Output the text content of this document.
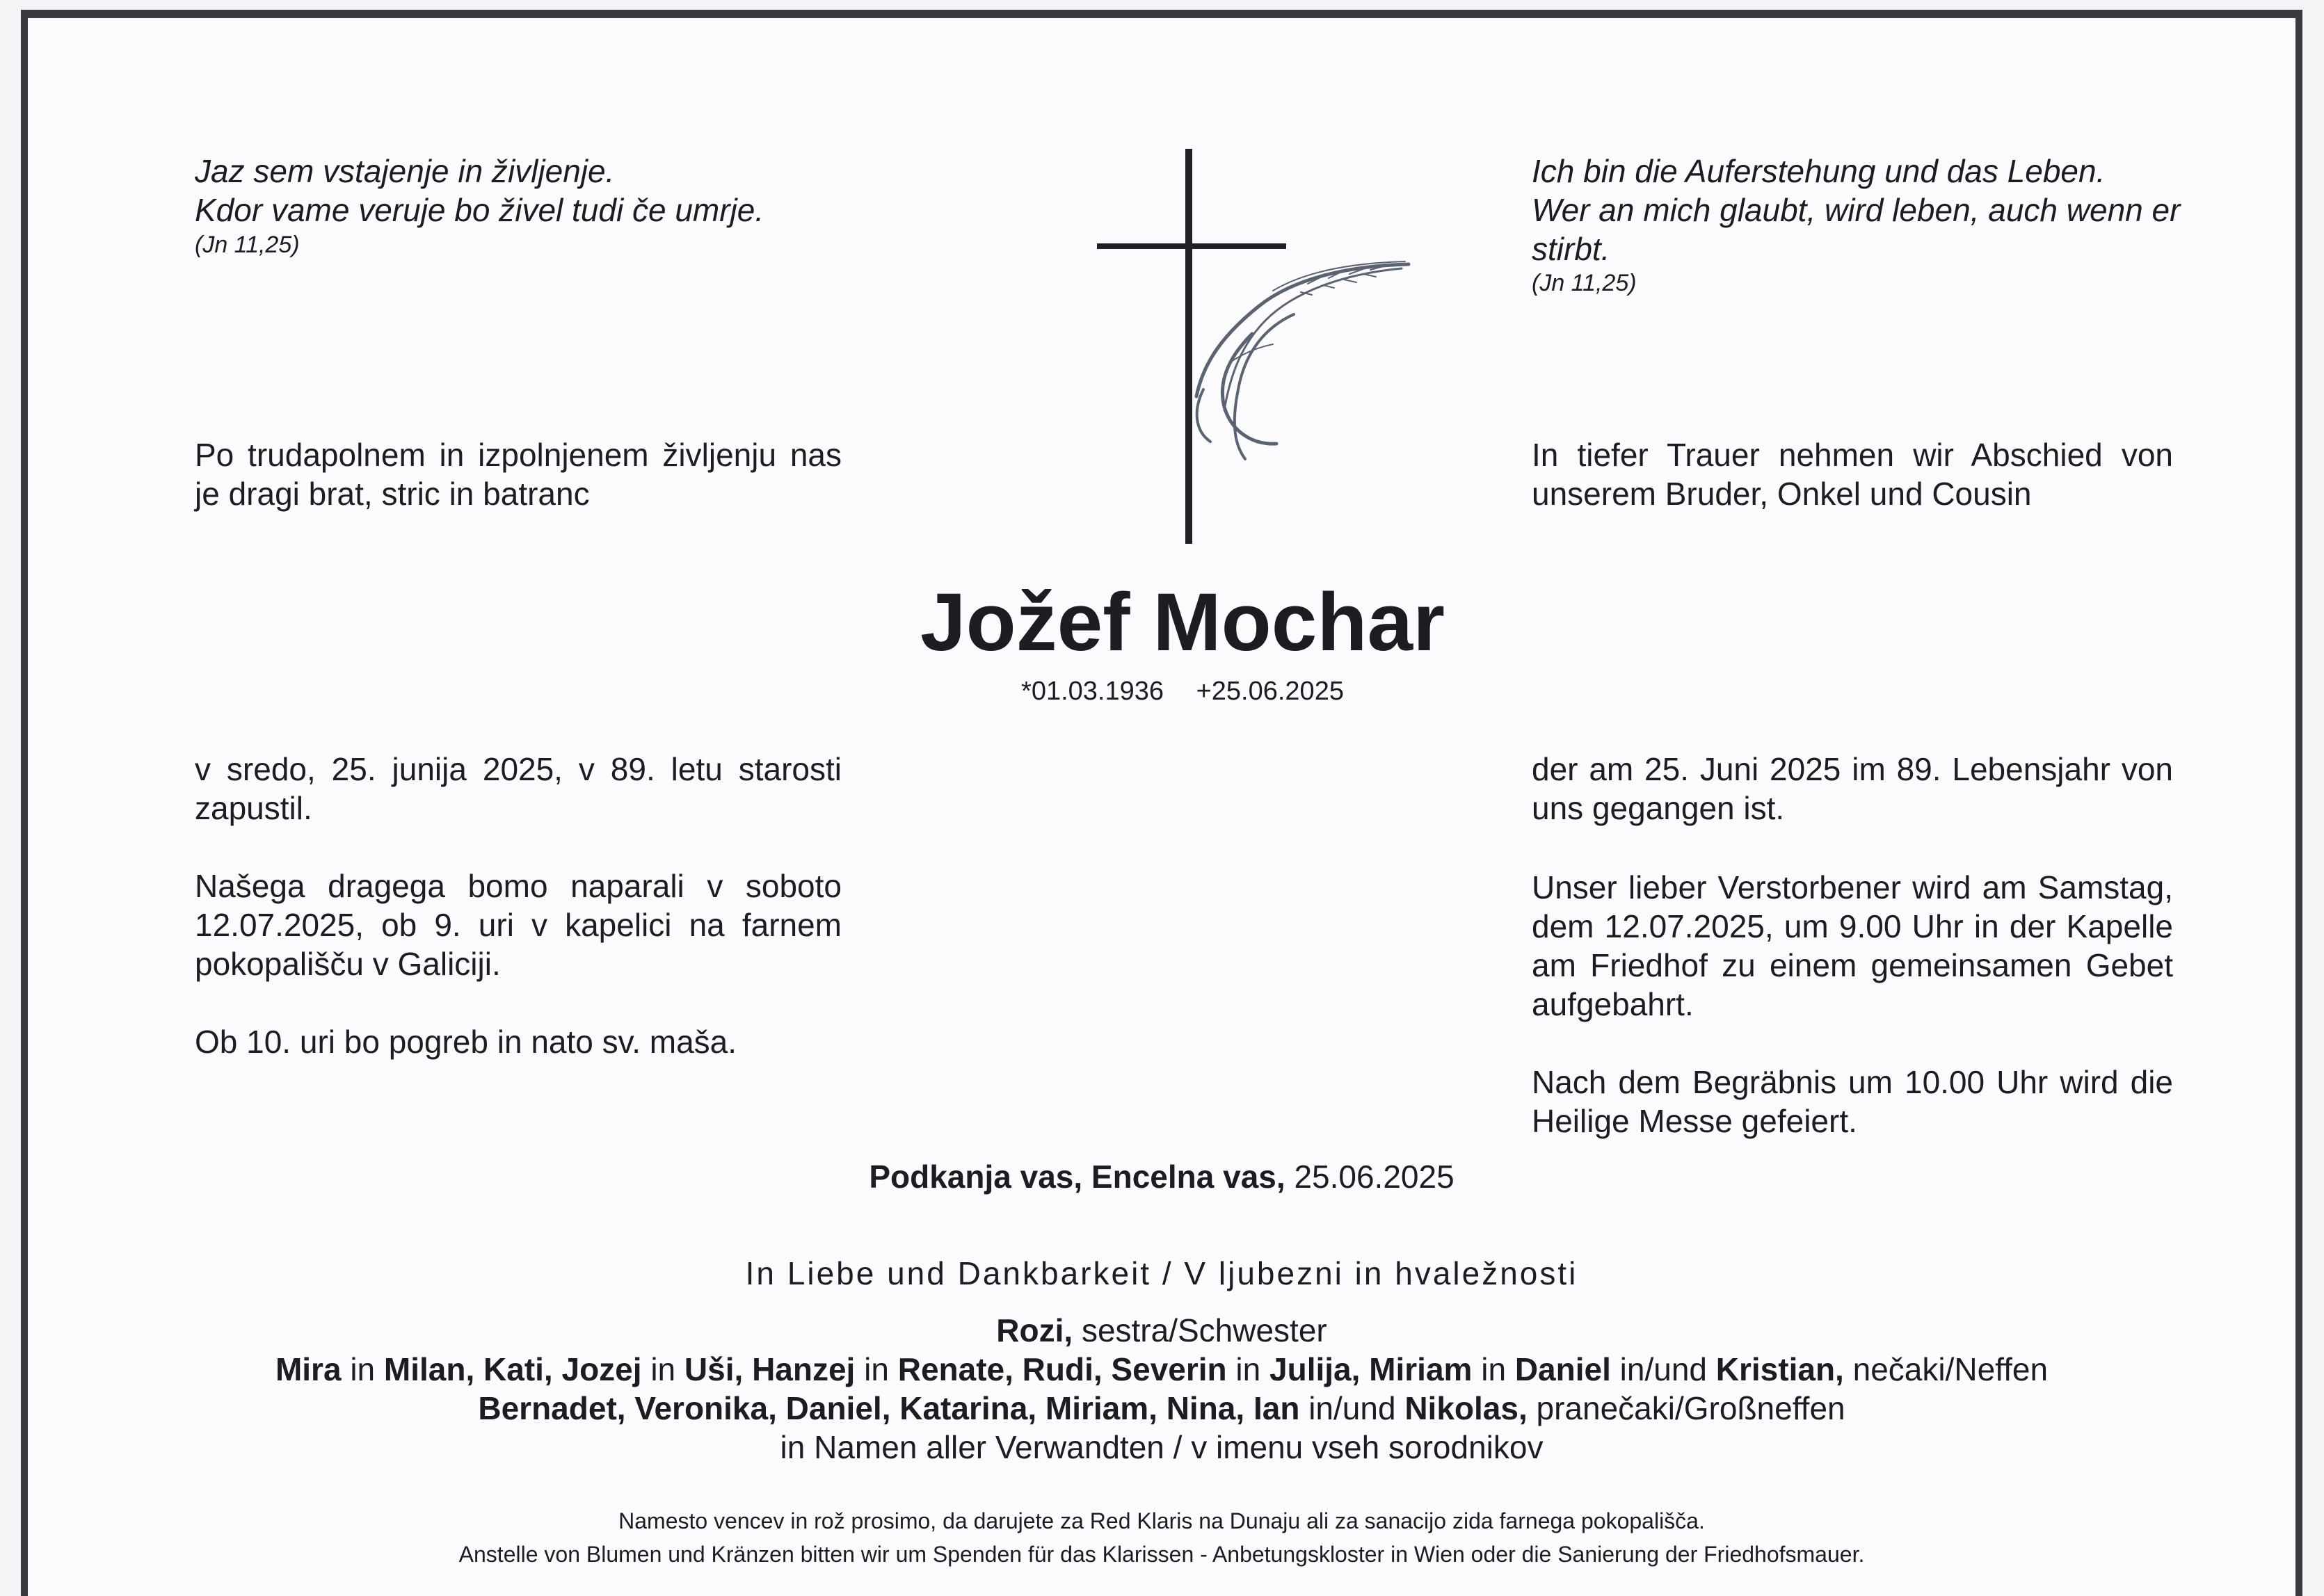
Jaz sem vstajenje in življenje.

Kdor vame veruje bo živel tudi če umrje.

(Jn 11,25)

Ich bin die Auferstehung und das Leben.

Wer an mich glaubt, wird leben, auch wenn er stirbt.

(Jn 11,25)

Po trudapolnem in izpolnjenem življenju nas je dragi brat, stric in batranc

In tiefer Trauer nehmen wir Abschied von unserem Bruder, Onkel und Cousin

Jožef Mochar
*01.03.1936 +25.06.2025

v sredo, 25. junija 2025, v 89. letu starosti zapustil.

Našega dragega bomo naparali v soboto 12.07.2025, ob 9. uri v kapelici na farnem pokopališču v Galiciji.

Ob 10. uri bo pogreb in nato sv. maša.

der am 25. Juni 2025 im 89. Lebensjahr von uns gegangen ist.

Unser lieber Verstorbener wird am Samstag, dem 12.07.2025, um 9.00 Uhr in der Kapelle am Friedhof zu einem gemeinsamen Gebet aufgebahrt.

Nach dem Begräbnis um 10.00 Uhr wird die Heilige Messe gefeiert.

Podkanja vas, Encelna vas, 25.06.2025
In Liebe und Dankbarkeit / V ljubezni in hvaležnosti
Rozi, sestra/Schwester
Mira in Milan, Kati, Jozej in Uši, Hanzej in Renate, Rudi, Severin in Julija, Miriam in Daniel in/und Kristian, nečaki/Neffen
Bernadet, Veronika, Daniel, Katarina, Miriam, Nina, Ian in/und Nikolas, pranečaki/Großneffen
in Namen aller Verwandten / v imenu vseh sorodnikov
Namesto vencev in rož prosimo, da darujete za Red Klaris na Dunaju ali za sanacijo zida farnega pokopališča.
Anstelle von Blumen und Kränzen bitten wir um Spenden für das Klarissen - Anbetungskloster in Wien oder die Sanierung der Friedhofsmauer.
